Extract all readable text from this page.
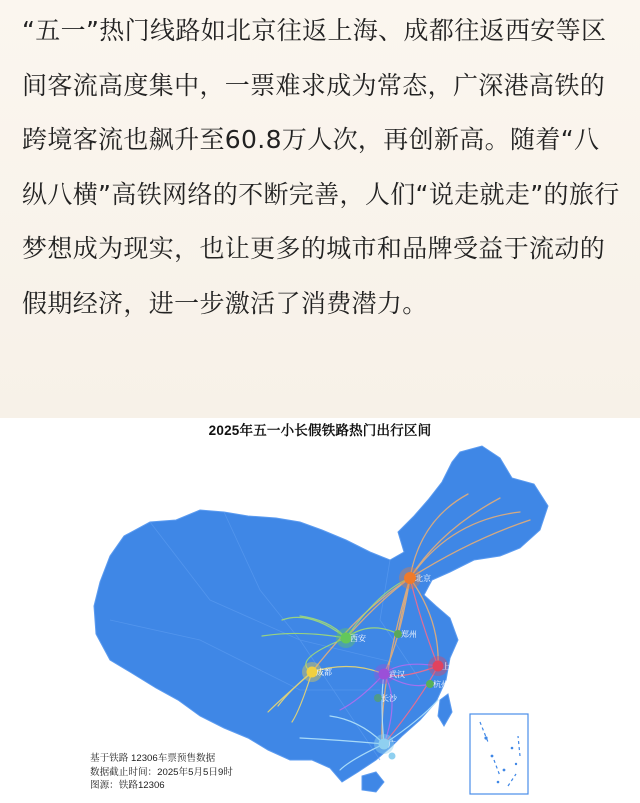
“五一”热门线路如北京往返上海、成都往返西安等区间客流高度集中，一票难求成为常态，广深港高铁的跨境客流也飙升至60.8万人次，再创新高。随着“八纵八横”高铁网络的不断完善，人们“说走就走”的旅行梦想成为现实，也让更多的城市和品牌受益于流动的假期经济，进一步激活了消费潜力。

2025年五一小长假铁路热门出行区间
北京
西安	郑州
成都	武汉
上海
杭州
长沙
广州
深圳
基于铁路 12306车票预售数据
数据截止时间：2025年5月5日9时
图源：铁路12306
